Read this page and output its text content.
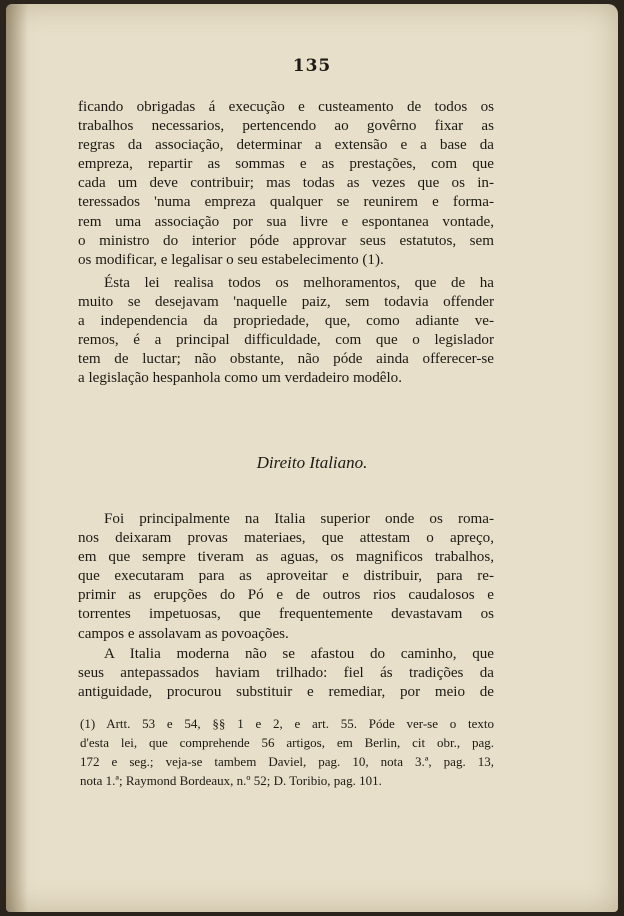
135
ficando obrigadas á execução e custeamento de todos os
trabalhos necessarios, pertencendo ao govêrno fixar as
regras da associação, determinar a extensão e a base da
empreza, repartir as sommas e as prestações, com que
cada um deve contribuir; mas todas as vezes que os in-
teressados 'numa empreza qualquer se reunirem e forma-
rem uma associação por sua livre e espontanea vontade,
o ministro do interior póde approvar seus estatutos, sem
os modificar, e legalisar o seu estabelecimento (1).
Ésta lei realisa todos os melhoramentos, que de ha
muito se desejavam 'naquelle paiz, sem todavia offender
a independencia da propriedade, que, como adiante ve-
remos, é a principal difficuldade, com que o legislador
tem de luctar; não obstante, não póde ainda offerecer-se
a legislação hespanhola como um verdadeiro modêlo.
Direito Italiano.
Foi principalmente na Italia superior onde os roma-
nos deixaram provas materiaes, que attestam o apreço,
em que sempre tiveram as aguas, os magnificos trabalhos,
que executaram para as aproveitar e distribuir, para re-
primir as erupções do Pó e de outros rios caudalosos e
torrentes impetuosas, que frequentemente devastavam os
campos e assolavam as povoações.
A Italia moderna não se afastou do caminho, que
seus antepassados haviam trilhado: fiel ás tradições da
antiguidade, procurou substituir e remediar, por meio de
(1) Artt. 53 e 54, §§ 1 e 2, e art. 55. Póde ver-se o texto
d'esta lei, que comprehende 56 artigos, em Berlin, cit obr., pag.
172 e seg.; veja-se tambem Daviel, pag. 10, nota 3.ª, pag. 13,
nota 1.ª; Raymond Bordeaux, n.º 52; D. Toribio, pag. 101.
